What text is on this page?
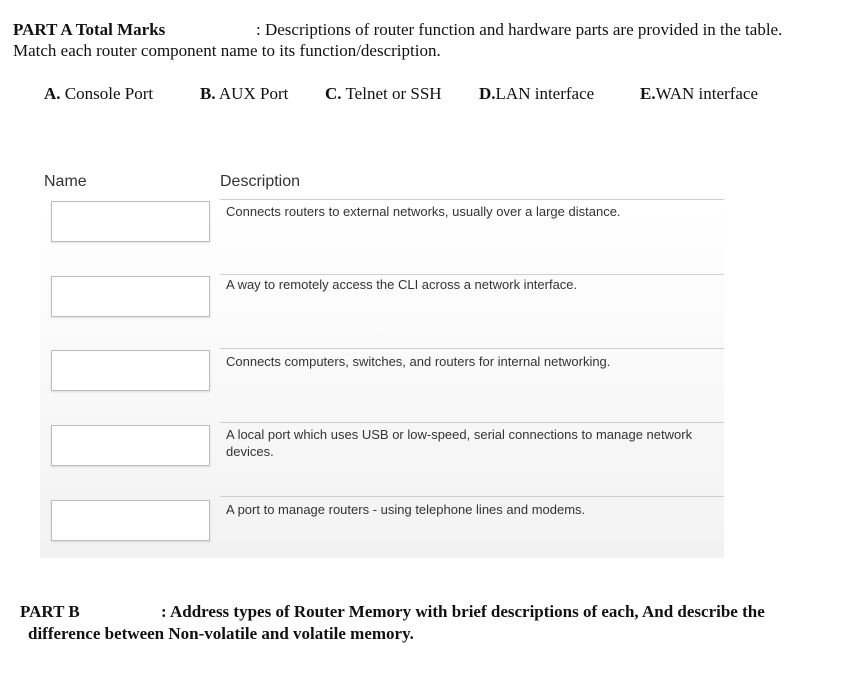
PART A Total Marks	: Descriptions of router function and hardware parts are provided in the table.
Match each router component name to its function/description.
A. Console Port	B. AUX Port C. Telnet or SSH D.LAN interface	E.WAN interface
Name	Description
Connects routers to external networks, usually over a large distance.
A way to remotely access the CLI across a network interface.
Connects computers, switches, and routers for internal networking.
A local port which uses USB or low-speed, serial connections to manage network devices.
A port to manage routers - using telephone lines and modems.
PART B	: Address types of Router Memory with brief descriptions of each, And describe the
difference between Non-volatile and volatile memory.
